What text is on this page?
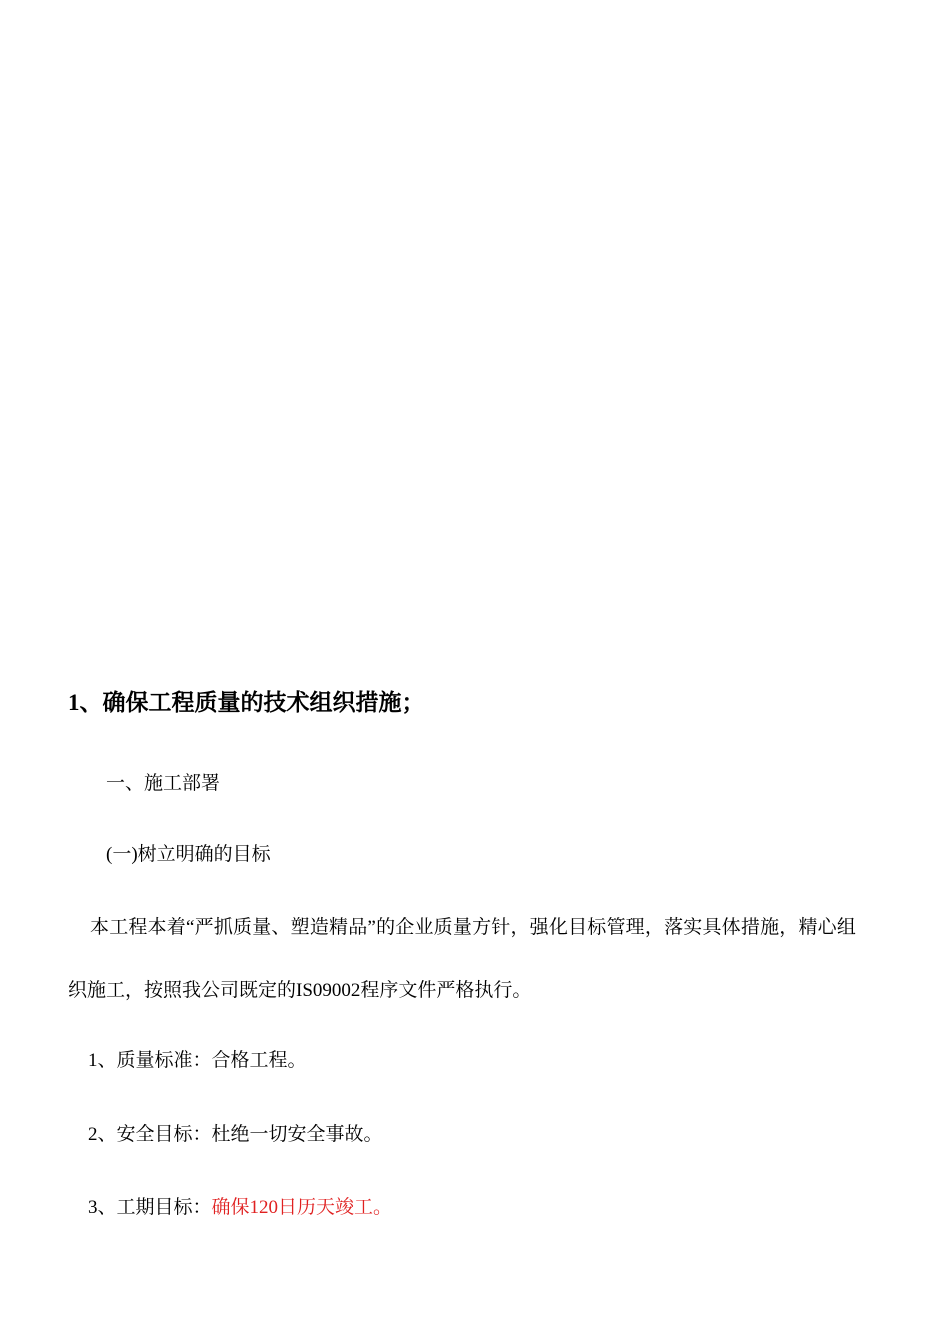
1、确保工程质量的技术组织措施；
一、施工部署
(一)树立明确的目标
本工程本着“严抓质量、塑造精品”的企业质量方针，强化目标管理，落实具体措施，精心组
织施工，按照我公司既定的IS09002程序文件严格执行。
1、质量标准：合格工程。
2、安全目标：杜绝一切安全事故。
3、工期目标：确保120日历天竣工。
